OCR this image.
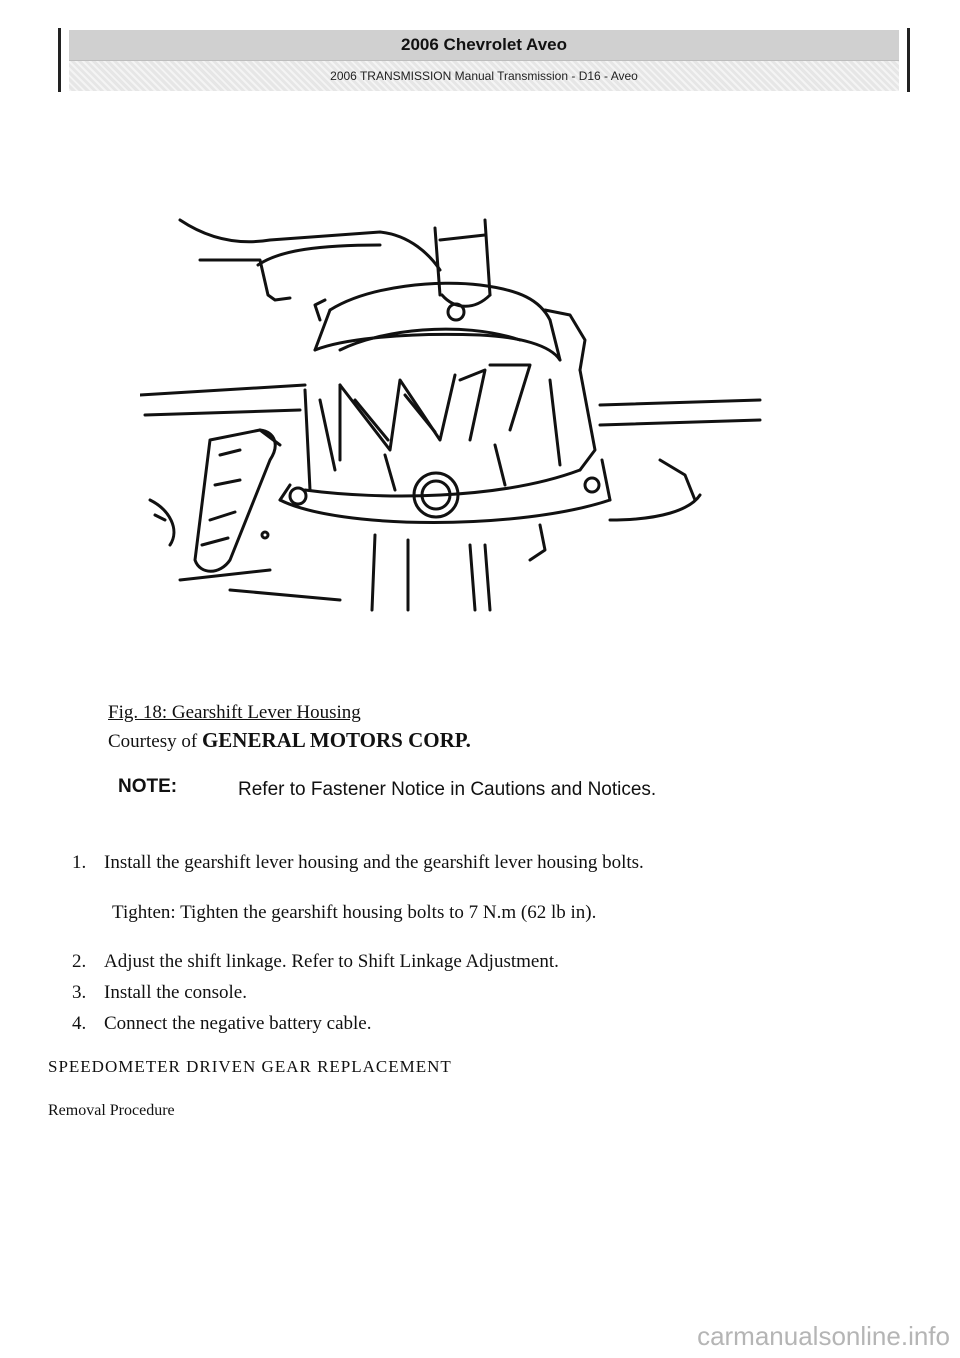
2006 Chevrolet Aveo
2006 TRANSMISSION Manual Transmission - D16 - Aveo
Fig. 18: Gearshift Lever Housing
Courtesy of GENERAL MOTORS CORP.
NOTE:	Refer to Fastener Notice in Cautions and Notices.
1. Install the gearshift lever housing and the gearshift lever housing bolts.
Tighten: Tighten the gearshift housing bolts to 7 N.m (62 lb in).
2. Adjust the shift linkage. Refer to Shift Linkage Adjustment.
3. Install the console.
4. Connect the negative battery cable.
SPEEDOMETER DRIVEN GEAR REPLACEMENT
Removal Procedure
carmanualsonline.info
